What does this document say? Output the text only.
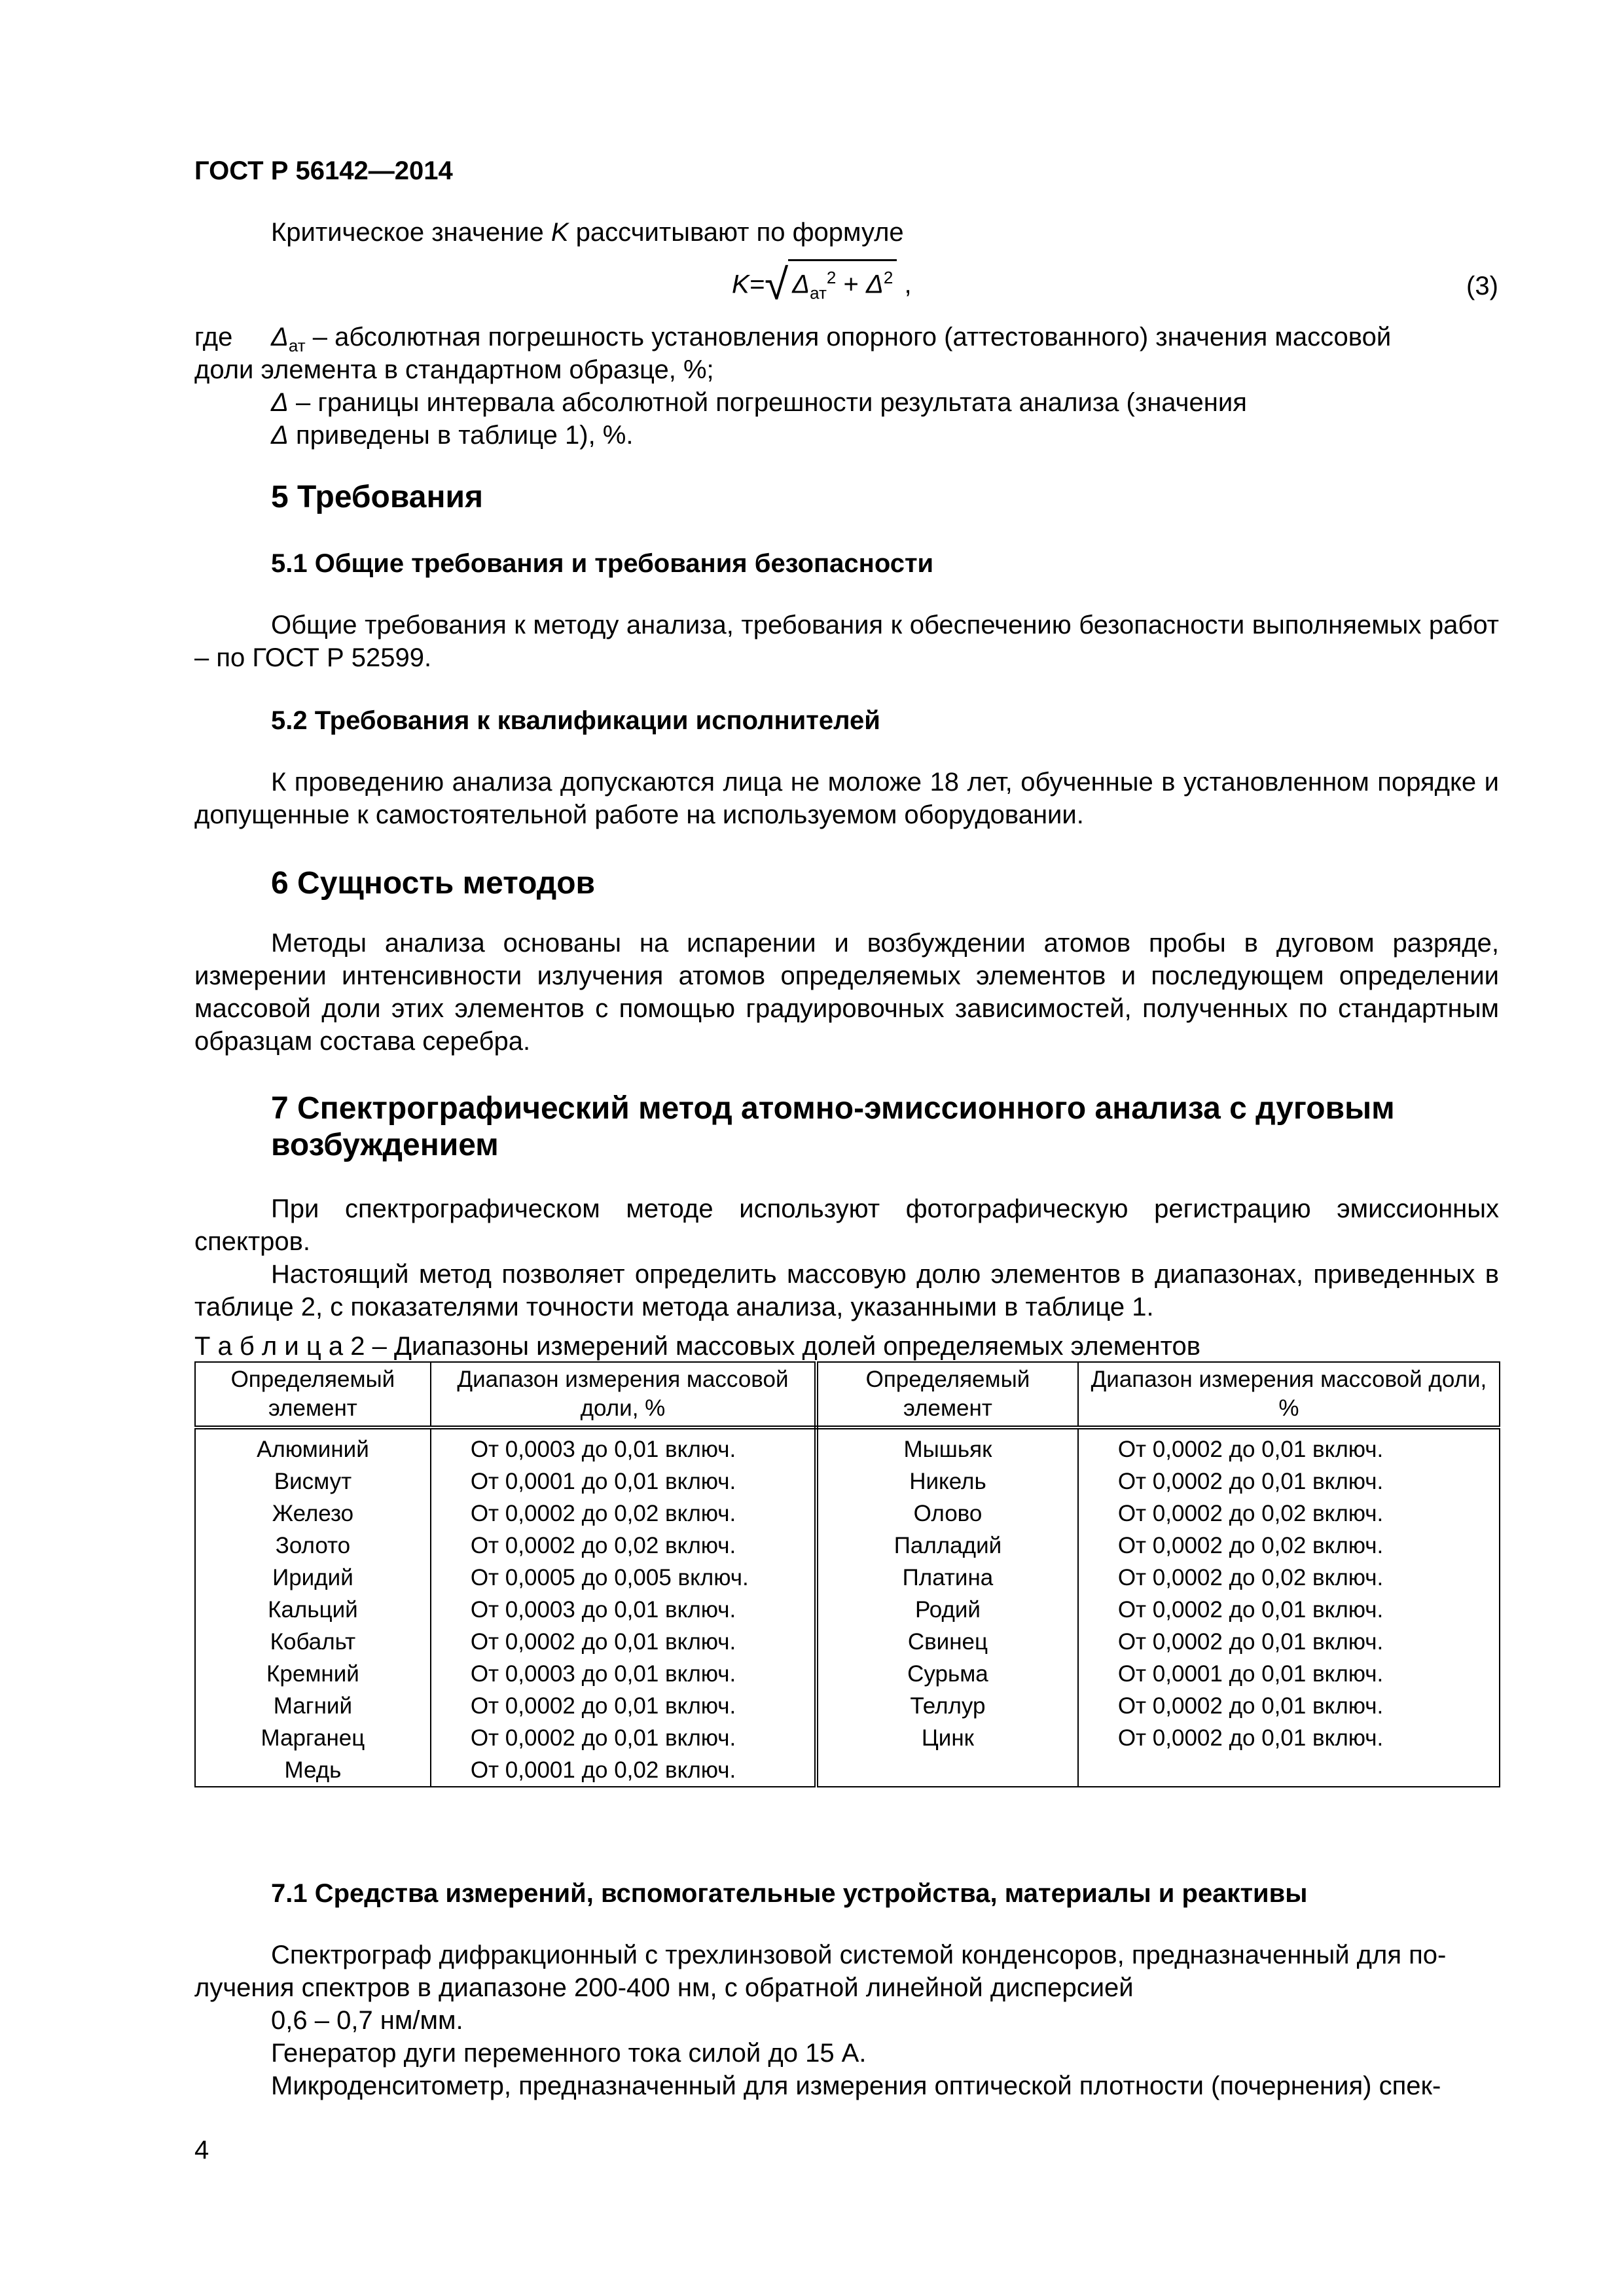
ГОСТ Р 56142—2014
Критическое значение K рассчитывают по формуле
K=√ $\Delta_{ат}^2 + \Delta^2$ ,	(3)
где $\Delta_{ат}$ – абсолютная погрешность установления опорного (аттестованного) значения массовой
доли элемента в стандартном образце, %;
Δ – границы интервала абсолютной погрешности результата анализа (значения
Δ приведены в таблице 1), %.
5 Требования
5.1 Общие требования и требования безопасности
Общие требования к методу анализа, требования к обеспечению безопасности выполняемых работ – по ГОСТ Р 52599.
5.2 Требования к квалификации исполнителей
К проведению анализа допускаются лица не моложе 18 лет, обученные в установленном порядке и допущенные к самостоятельной работе на используемом оборудовании.
6 Сущность методов
Методы анализа основаны на испарении и возбуждении атомов пробы в дуговом разряде, измерении интенсивности излучения атомов определяемых элементов и последующем определении массовой доли этих элементов с помощью градуировочных зависимостей, полученных по стандартным образцам состава серебра.
7 Спектрографический метод атомно-эмиссионного анализа с дуговым
возбуждением
При спектрографическом методе используют фотографическую регистрацию эмиссионных спектров.
Настоящий метод позволяет определить массовую долю элементов в диапазонах, приведенных в таблице 2, с показателями точности метода анализа, указанными в таблице 1.
Т а б л и ц а 2 – Диапазоны измерений массовых долей определяемых элементов
Определяемый элемент	Диапазон измерения массовой доли, %	Определяемый элемент	Диапазон измерения массовой доли, %
Алюминий	От 0,0003 до 0,01 включ.	Мышьяк	От 0,0002 до 0,01 включ.
Висмут	От 0,0001 до 0,01 включ.	Никель	От 0,0002 до 0,01 включ.
Железо	От 0,0002 до 0,02 включ.	Олово	От 0,0002 до 0,02 включ.
Золото	От 0,0002 до 0,02 включ.	Палладий	От 0,0002 до 0,02 включ.
Иридий	От 0,0005 до 0,005 включ.	Платина	От 0,0002 до 0,02 включ.
Кальций	От 0,0003 до 0,01 включ.	Родий	От 0,0002 до 0,01 включ.
Кобальт	От 0,0002 до 0,01 включ.	Свинец	От 0,0002 до 0,01 включ.
Кремний	От 0,0003 до 0,01 включ.	Сурьма	От 0,0001 до 0,01 включ.
Магний	От 0,0002 до 0,01 включ.	Теллур	От 0,0002 до 0,01 включ.
Марганец	От 0,0002 до 0,01 включ.	Цинк	От 0,0002 до 0,01 включ.
Медь	От 0,0001 до 0,02 включ.		
7.1 Средства измерений, вспомогательные устройства, материалы и реактивы
Спектрограф дифракционный с трехлинзовой системой конденсоров, предназначенный для по-
лучения спектров в диапазоне 200-400 нм, с обратной линейной дисперсией
0,6 – 0,7 нм/мм.
Генератор дуги переменного тока силой до 15 А.
Микроденситометр, предназначенный для измерения оптической плотности (почернения) спек-
4
